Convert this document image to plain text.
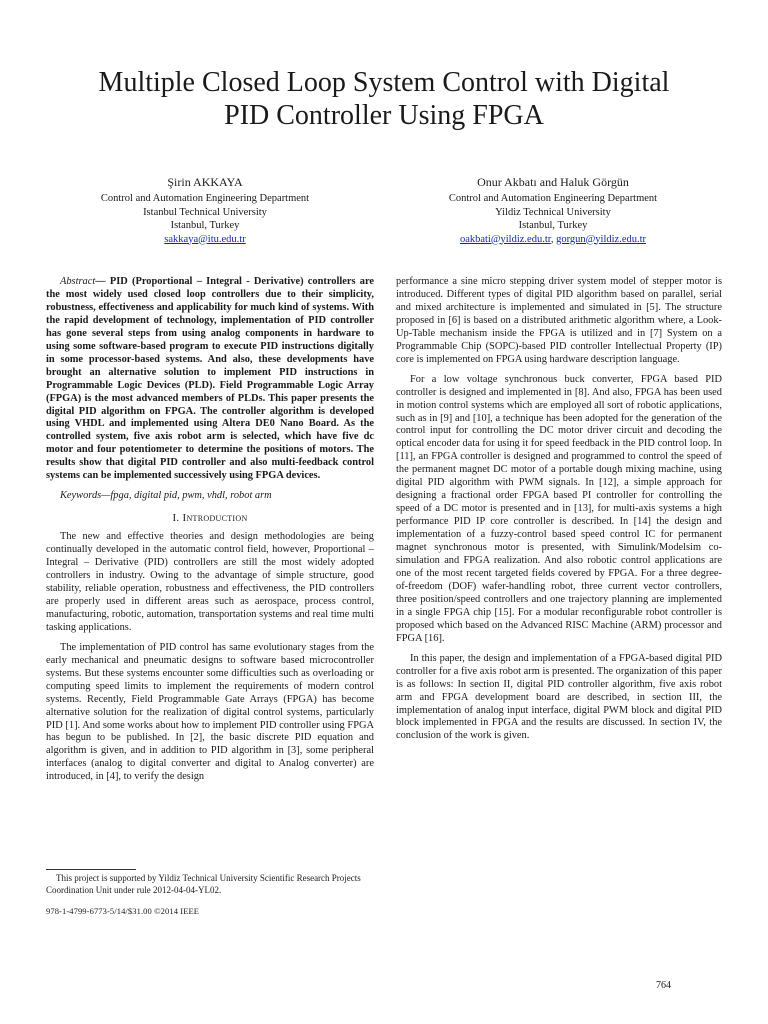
Multiple Closed Loop System Control with Digital
PID Controller Using FPGA
Şirin AKKAYA
Control and Automation Engineering Department
Istanbul Technical University
Istanbul, Turkey
sakkaya@itu.edu.tr
Onur Akbatı and Haluk Görgün
Control and Automation Engineering Department
Yildiz Technical University
Istanbul, Turkey
oakbati@yildiz.edu.tr, gorgun@yildiz.edu.tr

Abstract— PID (Proportional – Integral - Derivative) controllers are the most widely used closed loop controllers due to their simplicity, robustness, effectiveness and applicability for much kind of systems. With the rapid development of technology, implementation of PID controller has gone several steps from using analog components in hardware to using some software-based program to execute PID instructions digitally in some processor-based systems. And also, these developments have brought an alternative solution to implement PID instructions in Programmable Logic Devices (PLD). Field Programmable Logic Array (FPGA) is the most advanced members of PLDs. This paper presents the digital PID algorithm on FPGA. The controller algorithm is developed using VHDL and implemented using Altera DE0 Nano Board. As the controlled system, five axis robot arm is selected, which have five dc motor and four potentiometer to determine the positions of motors. The results show that digital PID controller and also multi-feedback control systems can be implemented successively using FPGA devices.

Keywords—fpga, digital pid, pwm, vhdl, robot arm

I. Introduction

The new and effective theories and design methodologies are being continually developed in the automatic control field, however, Proportional – Integral – Derivative (PID) controllers are still the most widely adopted controllers in industry. Owing to the advantage of simple structure, good stability, reliable operation, robustness and effectiveness, the PID controllers are properly used in different areas such as aerospace, process control, manufacturing, robotic, automation, transportation systems and real time multi tasking applications.

The implementation of PID control has same evolutionary stages from the early mechanical and pneumatic designs to software based microcontroller systems. But these systems encounter some difficulties such as overloading or computing speed limits to implement the requirements of modern control systems. Recently, Field Programmable Gate Arrays (FPGA) has become alternative solution for the realization of digital control systems, particularly PID [1]. And some works about how to implement PID controller using FPGA has begun to be published. In [2], the basic discrete PID equation and algorithm is given, and in addition to PID algorithm in [3], some peripheral interfaces (analog to digital converter and digital to Analog converter) are introduced, in [4], to verify the design

performance a sine micro stepping driver system model of stepper motor is introduced. Different types of digital PID algorithm based on parallel, serial and mixed architecture is implemented and simulated in [5]. The structure proposed in [6] is based on a distributed arithmetic algorithm where, a Look-Up-Table mechanism inside the FPGA is utilized and in [7] System on a Programmable Chip (SOPC)-based PID controller Intellectual Property (IP) core is implemented on FPGA using hardware description language.

For a low voltage synchronous buck converter, FPGA based PID controller is designed and implemented in [8]. And also, FPGA has been used in motion control systems which are employed all sort of robotic applications, such as in [9] and [10], a technique has been adopted for the generation of the control input for controlling the DC motor driver circuit and decoding the optical encoder data for using it for speed feedback in the PID control loop. In [11], an FPGA controller is designed and programmed to control the speed of the permanent magnet DC motor of a portable dough mixing machine, using digital PID algorithm with PWM signals. In [12], a simple approach for designing a fractional order FPGA based PI controller for controlling the speed of a DC motor is presented and in [13], for multi-axis systems a high performance PID IP core controller is described. In [14] the design and implementation of a fuzzy-control based speed control IC for permanent magnet synchronous motor is presented, with Simulink/Modelsim co-simulation and FPGA realization. And also robotic control applications are one of the most recent targeted fields covered by FPGA. For a three degree-of-freedom (DOF) wafer-handling robot, three current vector controllers, three position/speed controllers and one trajectory planning are implemented in a single FPGA chip [15]. For a modular reconfigurable robot controller is proposed which based on the Advanced RISC Machine (ARM) processor and FPGA [16].

In this paper, the design and implementation of a FPGA-based digital PID controller for a five axis robot arm is presented. The organization of this paper is as follows: In section II, digital PID controller algorithm, five axis robot arm and FPGA development board are described, in section III, the implementation of analog input interface, digital PWM block and digital PID block implemented in FPGA and the results are discussed. In section IV, the conclusion of the work is given.

This project is supported by Yildiz Technical University Scientific Research Projects Coordination Unit under rule 2012-04-04-YL02.
978-1-4799-6773-5/14/$31.00 ©2014 IEEE
764
